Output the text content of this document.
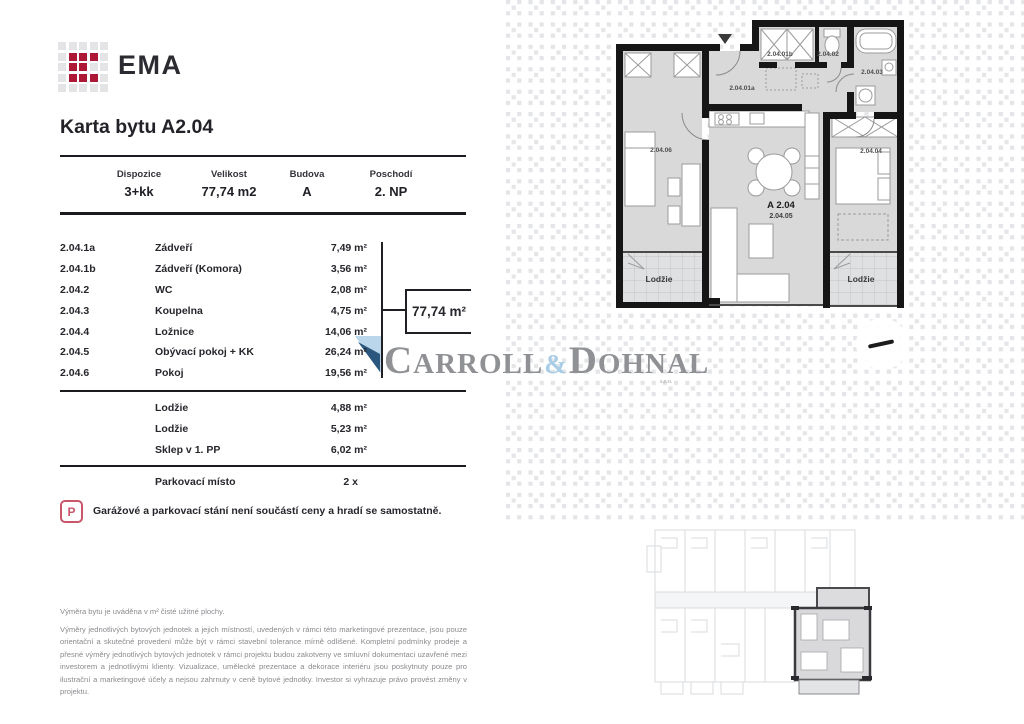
2.04.01b	2.04.02
2.04.03
2.04.01a
2.04.06	2.04.04
A 2.04
2.04.05
Lodžie	Lodžie
C ARROLL & D OHNAL
s.r.o.
EMA
Karta bytu A2.04
Dispozice	Velikost	Budova	Poschodí
3+kk	77,74 m2	A	2. NP
2.04.1a	Zádveří	7,49 m²
2.04.1b	Zádveří (Komora)	3,56 m²
2.04.2	WC	2,08 m²
2.04.3	Koupelna	4,75 m²
2.04.4	Ložnice	14,06 m²
2.04.5	Obývací pokoj + KK	26,24 m²
2.04.6	Pokoj	19,56 m²
77,74 m²
Lodžie	4,88 m²
Lodžie	5,23 m²
Sklep v 1. PP	6,02 m²
Parkovací místo	2 x
P Garážové a parkovací stání není součástí ceny a hradí se samostatně.
Výměra bytu je uváděna v m² čisté užitné plochy.
Výměry jednotlivých bytových jednotek a jejich místností, uvedených v rámci této marketingové prezentace, jsou pouze orientační a skutečné provedení může být v rámci stavební tolerance mírně odlišené. Kompletní podmínky prodeje a přesné výměry jednotlivých bytových jednotek v rámci projektu budou zakotveny ve smluvní dokumentaci uzavřené mezi investorem a jednotlivými klienty. Vizualizace, umělecké prezentace a dekorace interiéru jsou poskytnuty pouze pro ilustrační a marketingové účely a nejsou zahrnuty v ceně bytové jednotky. Investor si vyhrazuje právo provést změny v projektu.
